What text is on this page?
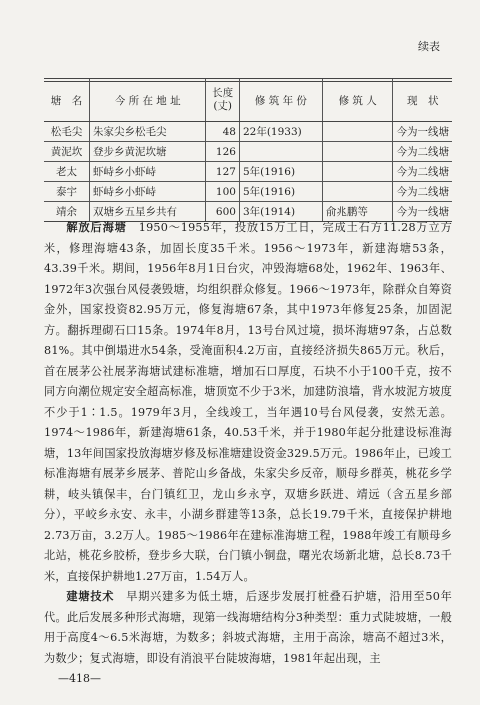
续表
塘　名	今 所 在 地 址	长度
(丈)	修 筑 年 份	修 筑 人	现　状
松毛尖	朱家尖乡松毛尖	48	22年(1933)		今为一线塘
黄泥坎	登步乡黄泥坎塘	126			今为二线塘
老太	虾峙乡小虾峙	127	5年(1916)		今为二线塘
泰宇	虾峙乡小虾峙	100	5年(1916)		今为二线塘
靖余	双塘乡五星乡共有	600	3年(1914)	俞兆鹏等	今为一线塘

解放后海塘　 1950～1955年，投放15万工日，完成土石方11.28万立方米，修理海塘43条，加固长度35千米。1956～1973年，新建海塘53条，43.39千米。期间，1956年8月1日台灾，冲毁海塘68处，1962年、1963年、1972年3次强台风侵袭毁塘，均组织群众修复。1966～1973年，除群众自筹资金外，国家投资82.95万元，修复海塘67条，其中1973年修复25条，加固泥方。翻拆理砌石口15条。1974年8月，13号台风过境，损坏海塘97条，占总数81%。其中倒塌进水54条，受淹面积4.2万亩，直接经济损失865万元。秋后，首在展茅公社展茅海塘试建标准塘，增加石口厚度，石块不小于100千克，按不同方向潮位规定安全超高标准，塘顶宽不少于3米，加建防浪墙，背水坡泥方坡度不少于1∶1.5。1979年3月，全线竣工，当年遇10号台风侵袭，安然无恙。1974～1986年，新建海塘61条，40.53千米，并于1980年起分批建设标准海塘，13年间国家投放海塘岁修及标准塘建设资金329.5万元。1986年止，已竣工标准海塘有展茅乡展茅、普陀山乡备战，朱家尖乡反帝，顺母乡群英，桃花乡学耕，岐头镇保丰，台门镇红卫，龙山乡永亨，双塘乡跃进、靖远（含五星乡部分），平峧乡永安、永丰，小湖乡群建等13条，总长19.79千米，直接保护耕地2.73万亩，3.2万人。1985～1986年在建标准海塘工程，1988年竣工有顺母乡北站，桃花乡胶桥，登步乡大联，台门镇小铜盘，曙光农场新北塘，总长8.73千米，直接保护耕地1.27万亩，1.54万人。

建塘技术　 早期兴建多为低土塘，后逐步发展打桩叠石护塘，沿用至50年代。此后发展多种形式海塘，现第一线海塘结构分3种类型：重力式陡坡塘，一般用于高度4～6.5米海塘，为数多；斜坡式海塘，主用于高涂，塘高不超过3米，为数少；复式海塘，即设有消浪平台陡坡海塘，1981年起出现，主

—418—
